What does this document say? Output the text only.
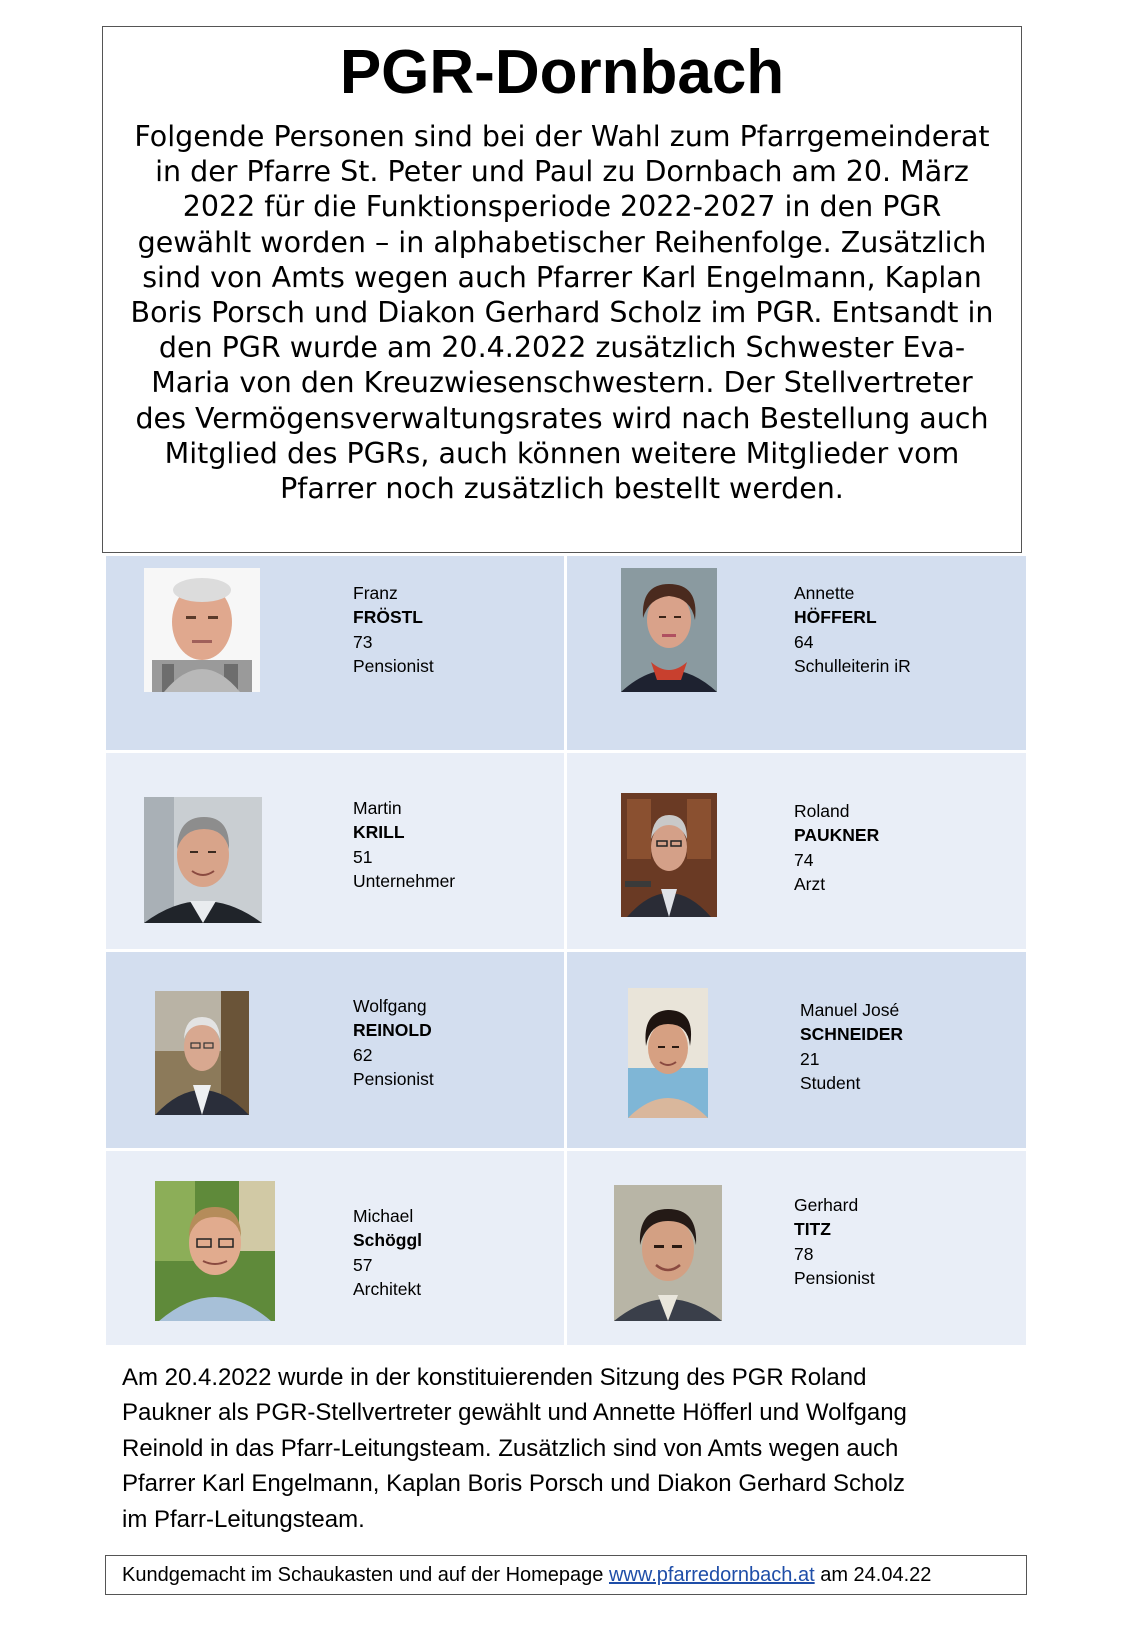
PGR-Dornbach
Folgende Personen sind bei der Wahl zum Pfarrgemeinderat
in der Pfarre St. Peter und Paul zu Dornbach am 20. März
2022 für die Funktionsperiode 2022-2027 in den PGR
gewählt worden – in alphabetischer Reihenfolge. Zusätzlich
sind von Amts wegen auch Pfarrer Karl Engelmann, Kaplan
Boris Porsch und Diakon Gerhard Scholz im PGR. Entsandt in
den PGR wurde am 20.4.2022 zusätzlich Schwester Eva-
Maria von den Kreuzwiesenschwestern. Der Stellvertreter
des Vermögensverwaltungsrates wird nach Bestellung auch
Mitglied des PGRs, auch können weitere Mitglieder vom
Pfarrer noch zusätzlich bestellt werden.
Franz
FRÖSTL
73
Pensionist
Annette
HÖFFERL
64
Schulleiterin iR
Martin
KRILL
51
Unternehmer
Roland
PAUKNER
74
Arzt
Wolfgang
REINOLD
62
Pensionist
Manuel José
SCHNEIDER
21
Student
Michael
Schöggl
57
Architekt
Gerhard
TITZ
78
Pensionist
Am 20.4.2022 wurde in der konstituierenden Sitzung des PGR Roland
Paukner als PGR-Stellvertreter gewählt und Annette Höfferl und Wolfgang
Reinold in das Pfarr-Leitungsteam. Zusätzlich sind von Amts wegen auch
Pfarrer Karl Engelmann, Kaplan Boris Porsch und Diakon Gerhard Scholz
im Pfarr-Leitungsteam.
Kundgemacht im Schaukasten und auf der Homepage www.pfarredornbach.at am 24.04.22
